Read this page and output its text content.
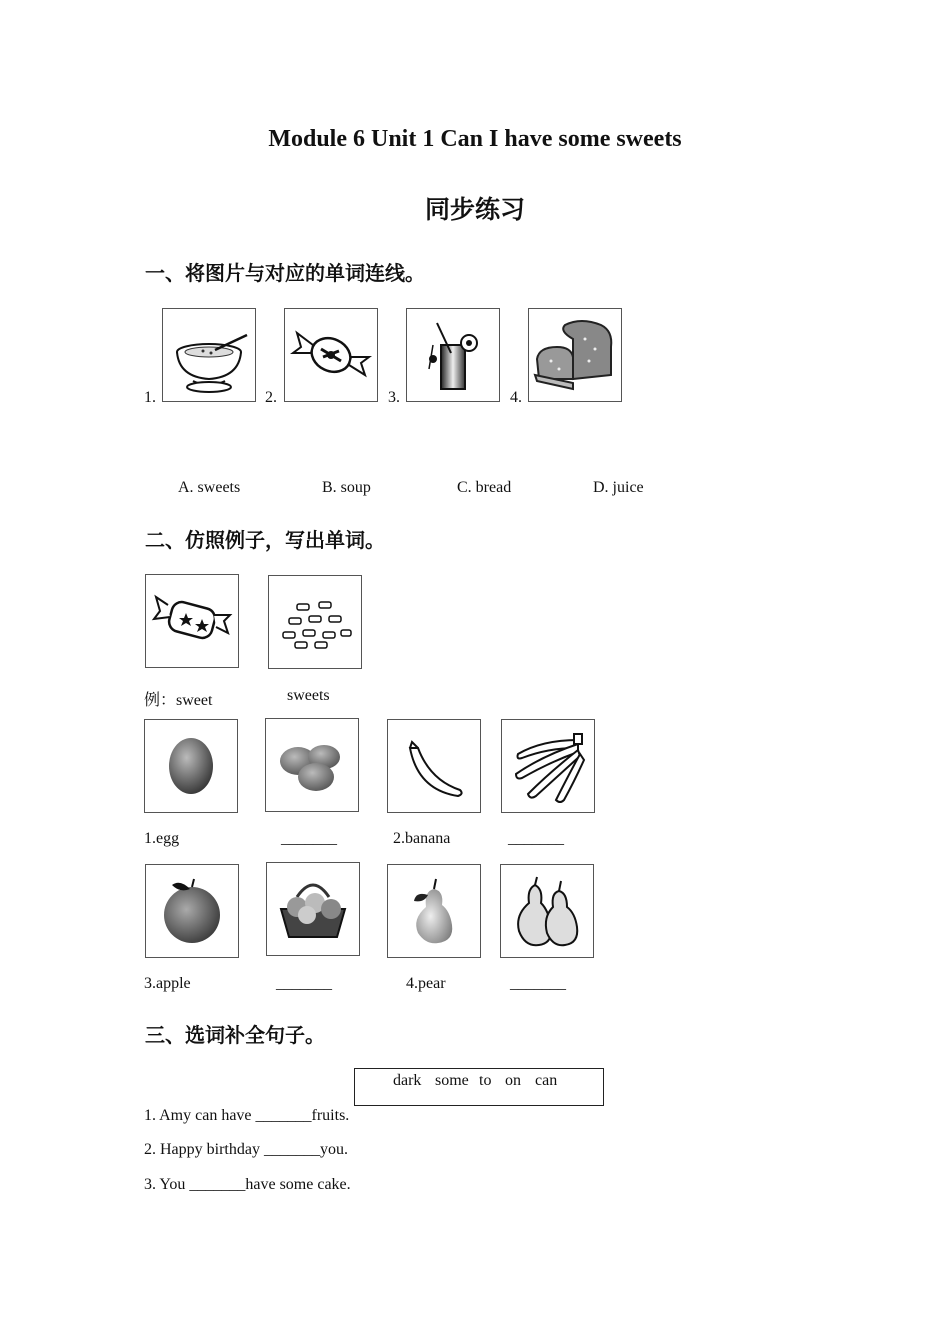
Module 6 Unit 1 Can I have some sweets
同步练习
一、将图片与对应的单词连线。
1.	2.	3.	4.
A. sweets	B. soup	C. bread	D. juice
二、仿照例子，写出单词。
例：sweet	sweets
1.egg	_______	2.banana	_______
3.apple	_______	4.pear	_______
三、选词补全句子。
dark some to on can
1. Amy can have _______fruits.
2. Happy birthday _______you.
3. You _______have some cake.
